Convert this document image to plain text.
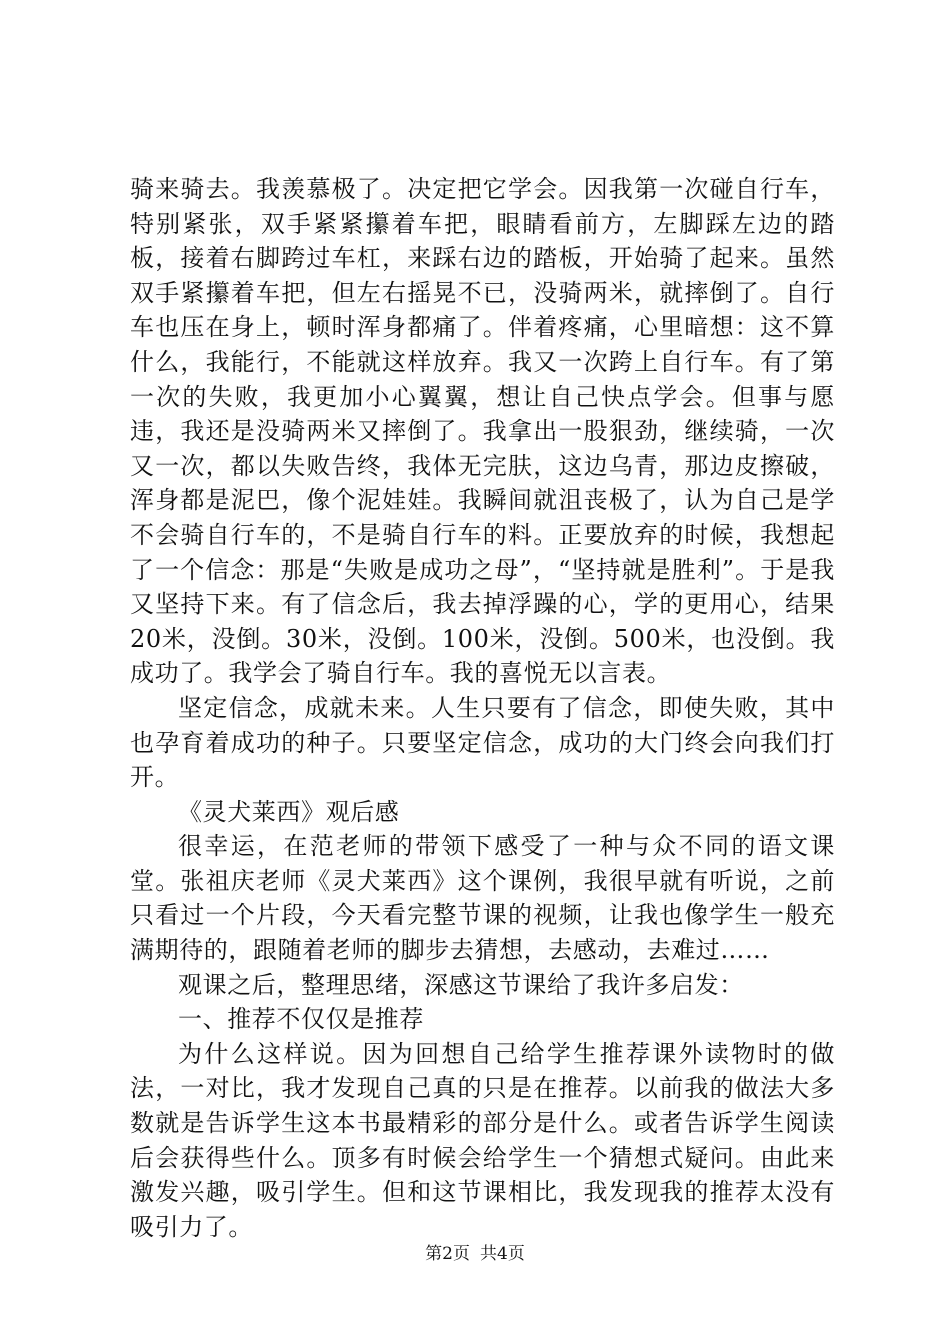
骑来骑去。我羡慕极了。决定把它学会。因我第一次碰自行车，特别紧张，双手紧紧攥着车把，眼睛看前方，左脚踩左边的踏板，接着右脚跨过车杠，来踩右边的踏板，开始骑了起来。虽然双手紧攥着车把，但左右摇晃不已，没骑两米，就摔倒了。自行车也压在身上，顿时浑身都痛了。伴着疼痛，心里暗想：这不算什么，我能行，不能就这样放弃。我又一次跨上自行车。有了第一次的失败，我更加小心翼翼，想让自己快点学会。但事与愿违，我还是没骑两米又摔倒了。我拿出一股狠劲，继续骑，一次又一次，都以失败告终，我体无完肤，这边乌青，那边皮擦破，浑身都是泥巴，像个泥娃娃。我瞬间就沮丧极了，认为自己是学不会骑自行车的，不是骑自行车的料。正要放弃的时候，我想起了一个信念：那是“失败是成功之母”，“坚持就是胜利”。于是我又坚持下来。有了信念后，我去掉浮躁的心，学的更用心，结果20米，没倒。30米，没倒。100米，没倒。500米，也没倒。我成功了。我学会了骑自行车。我的喜悦无以言表。

坚定信念，成就未来。人生只要有了信念，即使失败，其中也孕育着成功的种子。只要坚定信念，成功的大门终会向我们打开。

《灵犬莱西》观后感

很幸运，在范老师的带领下感受了一种与众不同的语文课堂。张祖庆老师《灵犬莱西》这个课例，我很早就有听说，之前只看过一个片段，今天看完整节课的视频，让我也像学生一般充满期待的，跟随着老师的脚步去猜想，去感动，去难过……

观课之后，整理思绪，深感这节课给了我许多启发：

一、推荐不仅仅是推荐

为什么这样说。因为回想自己给学生推荐课外读物时的做法，一对比，我才发现自己真的只是在推荐。以前我的做法大多数就是告诉学生这本书最精彩的部分是什么。或者告诉学生阅读后会获得些什么。顶多有时候会给学生一个猜想式疑问。由此来激发兴趣，吸引学生。但和这节课相比，我发现我的推荐太没有吸引力了。

第2页 共4页
